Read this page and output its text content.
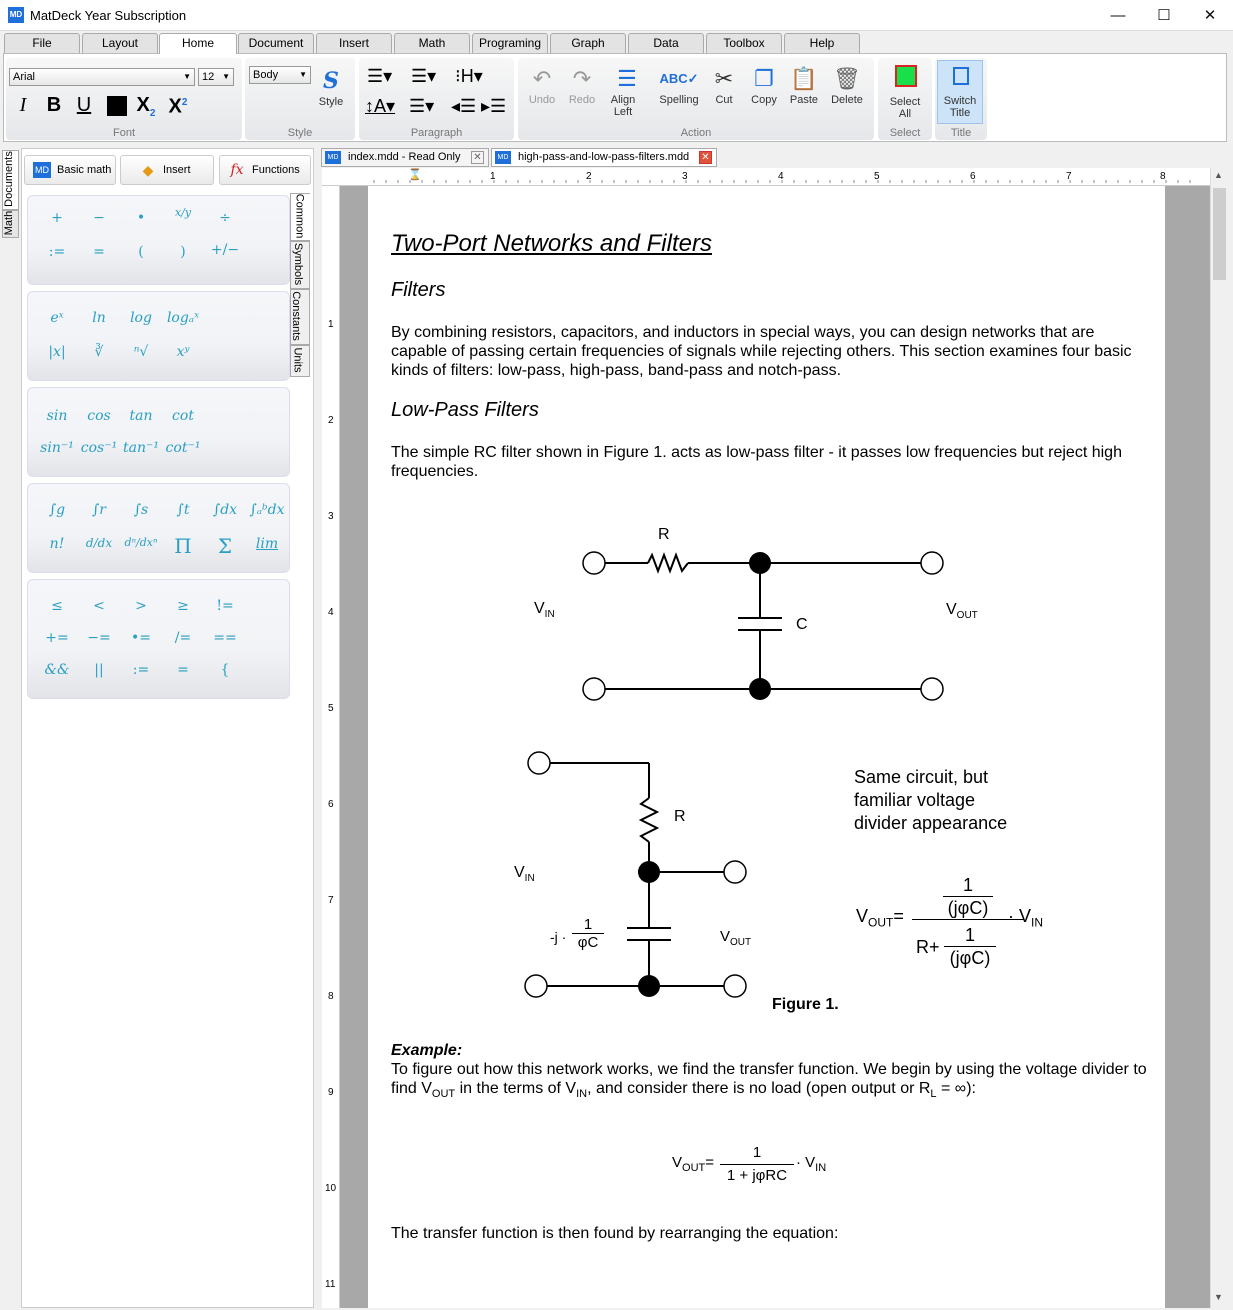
MD MatDeck Year Subscription	—	☐	✕
File	Layout	Home	Document	Insert	Math	Programing	Graph	Data	Toolbox	Help
Arial	▼	12 ▼
I	B U $X_2$ $X^2$
Font
Body	▼ S
Style
Style
☰▾ ☰▾ ⁝H▾
↕A▾ ☰▾ ◂☰ ▸☰
Paragraph
↶
Undo
↷
Redo
☰
Align Left
ABC✓
Spelling
✂
Cut
❐
Copy
📋
Paste
🗑
Delete
Action
Select
All
Select
Switch
Title
Title
Documents
Math
MD Basic math	◆ Insert	fx Functions
+	−	•	x/y	÷
:=	=	(	)	+/−
eˣ	ln	log	logₐˣ
|x|	∛	ⁿ√	xʸ
sin	cos	tan	cot
sin⁻¹ cos⁻¹ tan⁻¹ cot⁻¹
∫g	∫r	∫s	∫t	∫dx ∫ₐᵇdx
n!	d/dx	dⁿ/dxⁿ Π	Σ	lim
≤	<	>	≥	!=
+=	−=	•=	/=	==
&&	||	:=	=	{
Common
Symbols
Constants
Units
MD index.mdd - Read Only ✕	MD high-pass-and-low-pass-filters.mdd ✕
⌛	1	2	3	4	5	6	7	8
1
2
3
4
5
6
7
8
9
10
11
Two-Port Networks and Filters
Filters
By combining resistors, capacitors, and inductors in special ways, you can design networks that are capable of passing certain frequencies of signals while rejecting others. This section examines four basic kinds of filters: low-pass, high-pass, band-pass and notch-pass.
Low-Pass Filters
The simple RC filter shown in Figure 1. acts as low-pass filter - it passes low frequencies but reject high frequencies.
R
C
$V_{IN}$	$V_{OUT}$
R
$V_{IN}$
$V_{OUT}$
$-j \cdot \frac{1}{\varphi C}$
Same circuit, but
familiar voltage
divider appearance
$V_{OUT}=$
1
(jφC)
R+
1
(jφC)
· $V_{IN}$
Figure 1.
Example:
To figure out how this network works, we find the transfer function. We begin by using the voltage divider to
find $V_{OUT}$ in the terms of $V_{IN}$, and consider there is no load (open output or $R_L$ = ∞):
$V_{OUT}=$
1
1 + jφRC
· $V_{IN}$
The transfer function is then found by rearranging the equation:
▲
▼
